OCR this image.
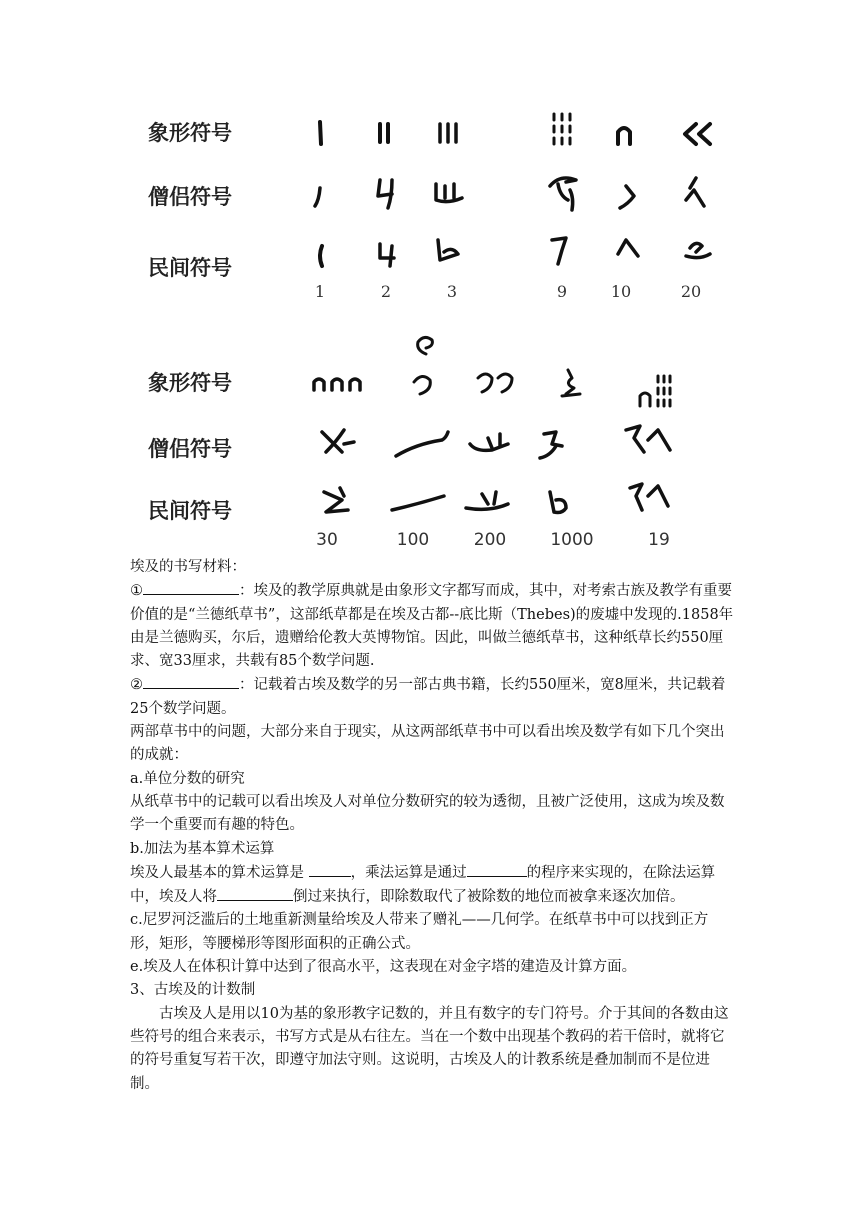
象形符号
僧侣符号
民间符号
1	2	3	9	10	20
象形符号
僧侣符号
民间符号
30	100	200	1000	19

埃及的书写材料：

①	：埃及的教学原典就是由象形文字都写而成，其中，对考索古族及教学有重要价值的是“兰德纸草书”，这部纸草都是在埃及古都--底比斯（Thebes)的废墟中发现的.1858年由是兰德购买，尔后，遗赠给伦教大英博物馆。因此，叫做兰德纸草书，这种纸草长约550厘求、宽33厘求，共载有85个数学问题.

②	：记载着古埃及数学的另一部古典书籍，长约550厘米，宽8厘米，共记载着25个数学问题。

两部草书中的问题，大部分来自于现实，从这两部纸草书中可以看出埃及数学有如下几个突出的成就：

a.单位分数的研究

从纸草书中的记载可以看出埃及人对单位分数研究的较为透彻，且被广泛使用，这成为埃及数学一个重要而有趣的特色。

b.加法为基本算术运算

埃及人最基本的算术运算是	，乘法运算是通过	的程序来实现的，在除法运算中，埃及人将	倒过来执行，即除数取代了被除数的地位而被拿来逐次加倍。

c.尼罗河泛滥后的土地重新测量给埃及人带来了赠礼——几何学。在纸草书中可以找到正方形，矩形，等腰梯形等图形面积的正确公式。

e.埃及人在体积计算中达到了很高水平，这表现在对金字塔的建造及计算方面。

3、古埃及的计数制

古埃及人是用以10为基的象形教字记数的，并且有数字的专门符号。介于其间的各数由这些符号的组合来表示，书写方式是从右往左。当在一个数中出现基个教码的若干倍时，就将它的符号重复写若干次，即遵守加法守则。这说明，古埃及人的计教系统是叠加制而不是位进制。
